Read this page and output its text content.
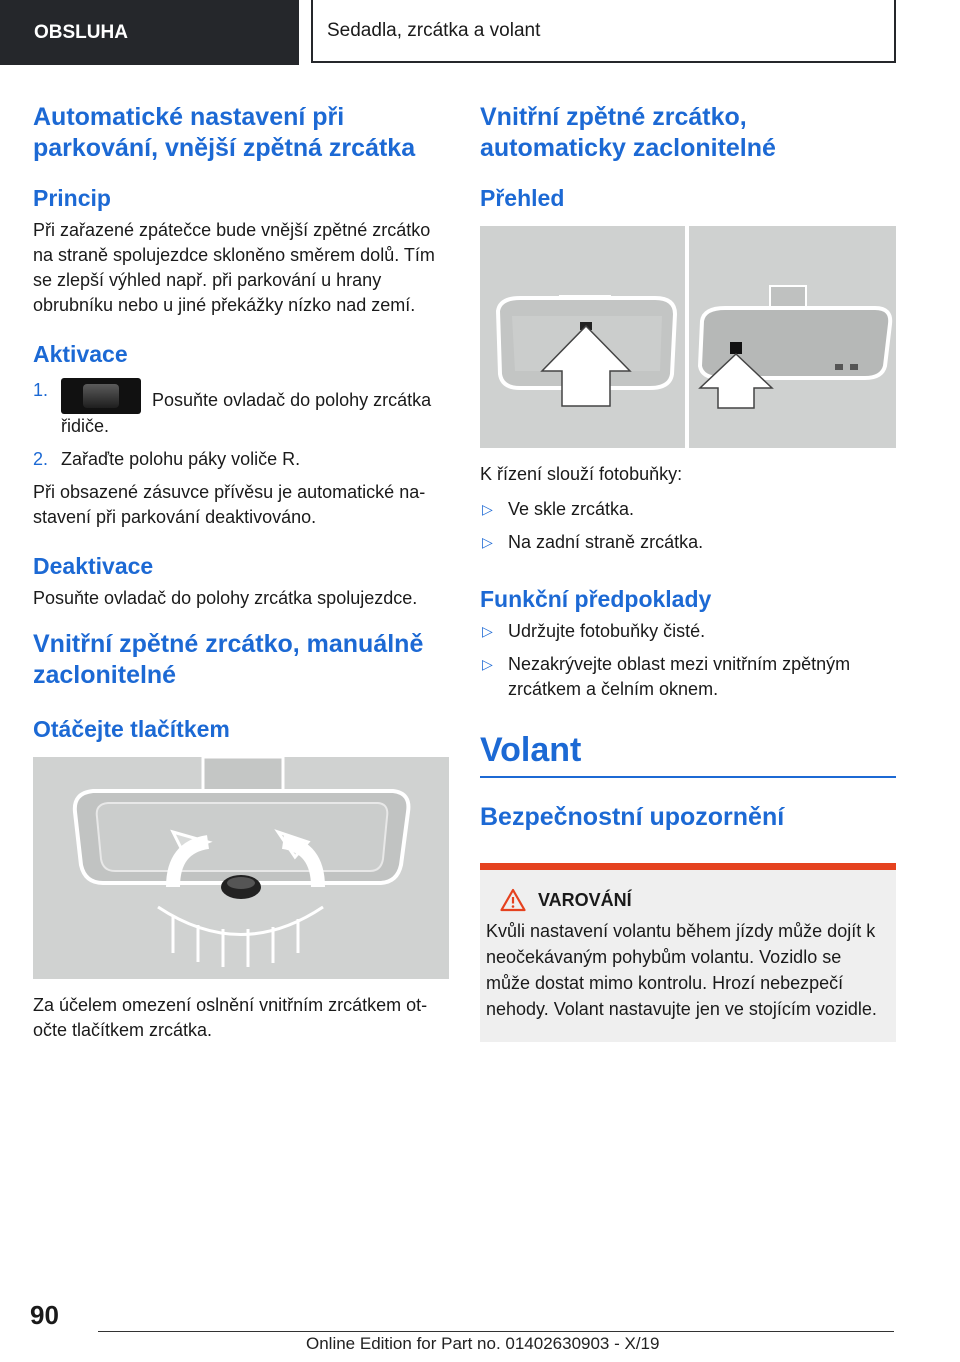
OBSLUHA	Sedadla, zrcátka a volant
Automatické nastavení při parkování, vnější zpětná zrcátka
Princip

Při zařazené zpátečce bude vnější zpětné zrcátko na straně spolujezdce skloněno směrem dolů. Tím se zlepší výhled např. při parkování u hrany obrubníku nebo u jiné překážky nízko nad zemí.

Aktivace
1.	Posuňte ovladač do polohy zrcátka řidiče.
2. Zařaďte polohu páky voliče R.

Při obsazené zásuvce přívěsu je automatické nastavení při parkování deaktivováno.

Deaktivace

Posuňte ovladač do polohy zrcátka spolujezdce.

Vnitřní zpětné zrcátko, manuálně zaclonitelné
Otáčejte tlačítkem

Za účelem omezení oslnění vnitřním zrcátkem otočte tlačítkem zrcátka.

Vnitřní zpětné zrcátko, automaticky zaclonitelné
Přehled

K řízení slouží fotobuňky:

▷ Ve skle zrcátka.
▷ Na zadní straně zrcátka.
Funkční předpoklady
▷ Udržujte fotobuňky čisté.
▷ Nezakrývejte oblast mezi vnitřním zpětným zrcátkem a čelním oknem.
Volant
Bezpečnostní upozornění
VAROVÁNÍ

Kvůli nastavení volantu během jízdy může dojít k neočekávaným pohybům volantu. Vozidlo se může dostat mimo kontrolu. Hrozí nebezpečí nehody. Volant nastavujte jen ve stojícím vozidle.

90
Online Edition for Part no. 01402630903 - X/19
